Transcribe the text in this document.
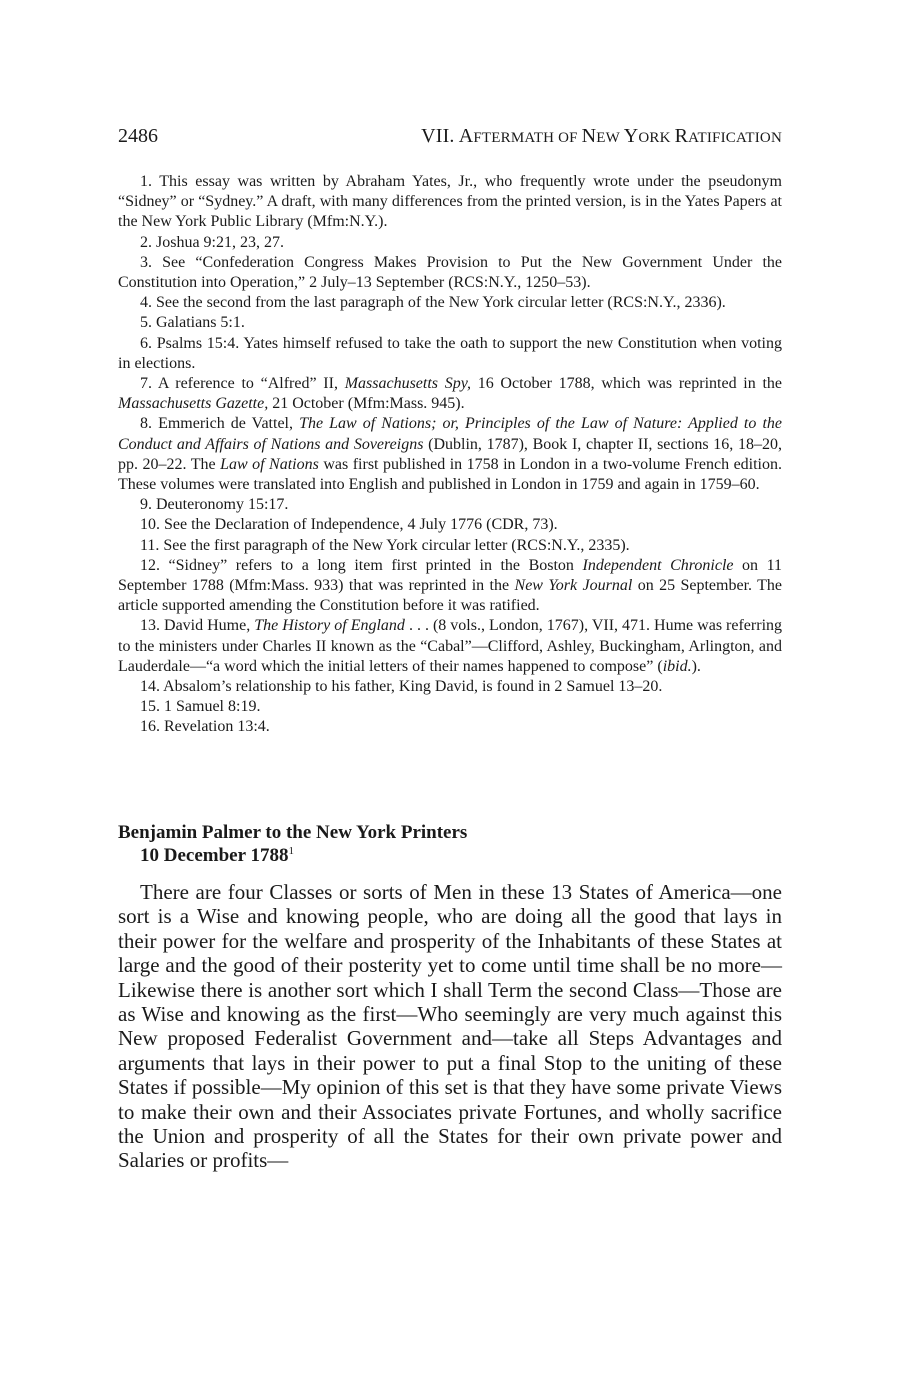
2486	VII. AFTERMATH OF NEW YORK RATIFICATION

1. This essay was written by Abraham Yates, Jr., who frequently wrote under the pseudonym “Sidney” or “Sydney.” A draft, with many differences from the printed version, is in the Yates Papers at the New York Public Library (Mfm:N.Y.).

2. Joshua 9:21, 23, 27.

3. See “Confederation Congress Makes Provision to Put the New Government Under the Constitution into Operation,” 2 July–13 September (RCS:N.Y., 1250–53).

4. See the second from the last paragraph of the New York circular letter (RCS:N.Y., 2336).

5. Galatians 5:1.

6. Psalms 15:4. Yates himself refused to take the oath to support the new Constitution when voting in elections.

7. A reference to “Alfred” II, Massachusetts Spy, 16 October 1788, which was reprinted in the Massachusetts Gazette, 21 October (Mfm:Mass. 945).

8. Emmerich de Vattel, The Law of Nations; or, Principles of the Law of Nature: Applied to the Conduct and Affairs of Nations and Sovereigns (Dublin, 1787), Book I, chapter II, sections 16, 18–20, pp. 20–22. The Law of Nations was first published in 1758 in London in a two-volume French edition. These volumes were translated into English and published in London in 1759 and again in 1759–60.

9. Deuteronomy 15:17.

10. See the Declaration of Independence, 4 July 1776 (CDR, 73).

11. See the first paragraph of the New York circular letter (RCS:N.Y., 2335).

12. “Sidney” refers to a long item first printed in the Boston Independent Chronicle on 11 September 1788 (Mfm:Mass. 933) that was reprinted in the New York Journal on 25 September. The article supported amending the Constitution before it was ratified.

13. David Hume, The History of England . . . (8 vols., London, 1767), VII, 471. Hume was referring to the ministers under Charles II known as the “Cabal”—Clifford, Ashley, Buckingham, Arlington, and Lauderdale—“a word which the initial letters of their names happened to compose” (ibid.).

14. Absalom’s relationship to his father, King David, is found in 2 Samuel 13–20.

15. 1 Samuel 8:19.

16. Revelation 13:4.

Benjamin Palmer to the New York Printers
10 December 1788$^1$

There are four Classes or sorts of Men in these 13 States of America—one sort is a Wise and knowing people, who are doing all the good that lays in their power for the welfare and prosperity of the Inhabitants of these States at large and the good of their posterity yet to come until time shall be no more—Likewise there is another sort which I shall Term the second Class—Those are as Wise and knowing as the first—Who seemingly are very much against this New proposed Federalist Government and—take all Steps Advantages and arguments that lays in their power to put a final Stop to the uniting of these States if possible—My opinion of this set is that they have some private Views to make their own and their Associates private Fortunes, and wholly sacrifice the Union and prosperity of all the States for their own private power and Salaries or profits—
